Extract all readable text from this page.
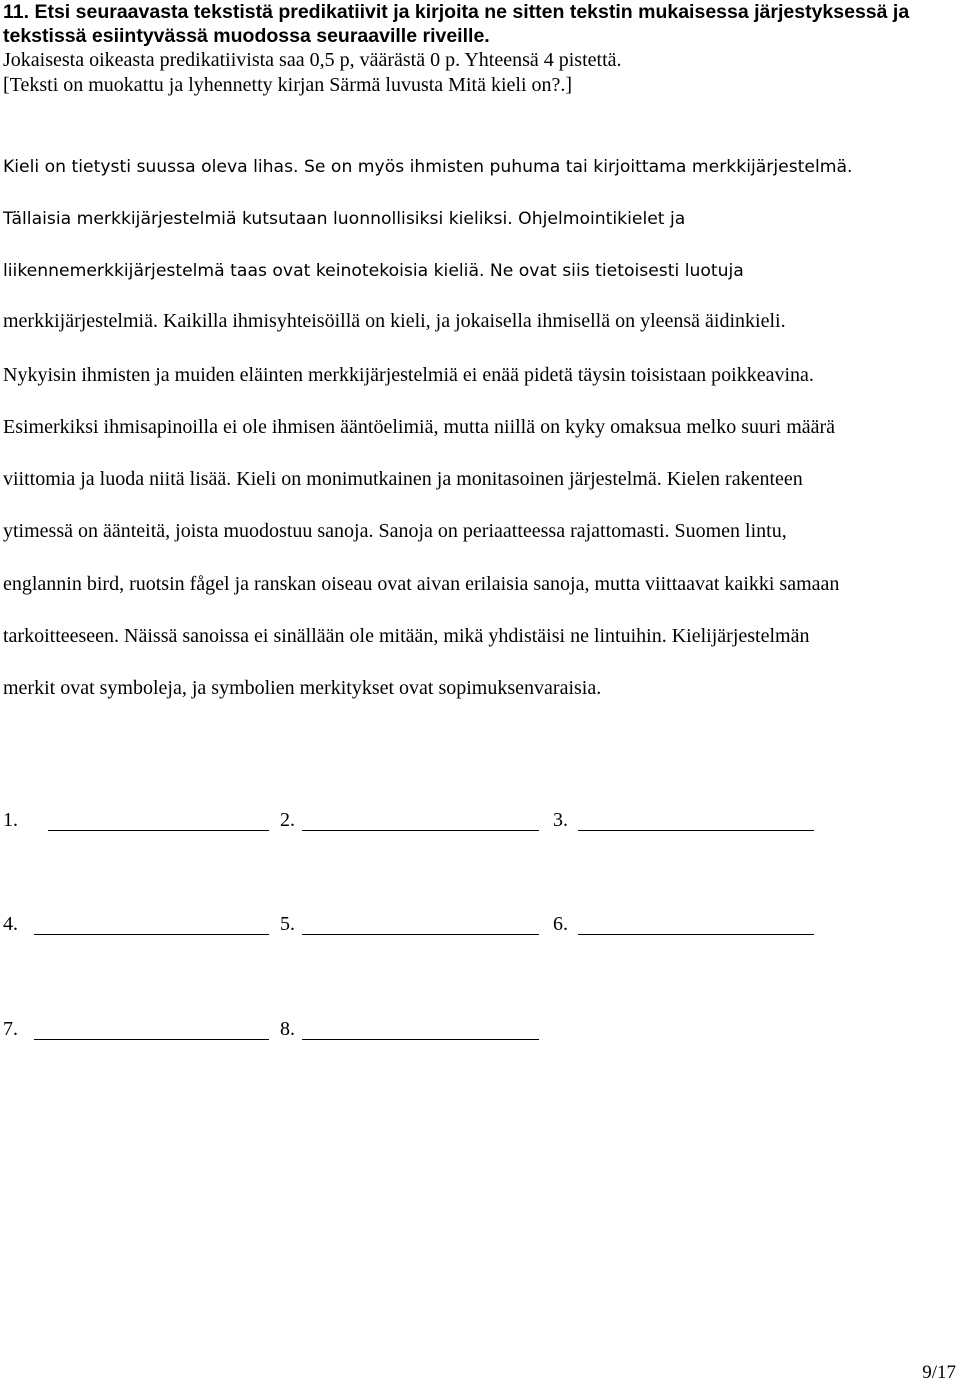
11. Etsi seuraavasta tekstistä predikatiivit ja kirjoita ne sitten tekstin mukaisessa järjestyksessä ja tekstissä esiintyvässä muodossa seuraaville riveille.
Jokaisesta oikeasta predikatiivista saa 0,5 p, väärästä 0 p. Yhteensä 4 pistettä.
[Teksti on muokattu ja lyhennetty kirjan Särmä luvusta Mitä kieli on?.]
Kieli on tietysti suussa oleva lihas. Se on myös ihmisten puhuma tai kirjoittama merkkijärjestelmä.
Tällaisia merkkijärjestelmiä kutsutaan luonnollisiksi kieliksi. Ohjelmointikielet ja
liikennemerkkijärjestelmä taas ovat keinotekoisia kieliä. Ne ovat siis tietoisesti luotuja
merkkijärjestelmiä. Kaikilla ihmisyhteisöillä on kieli, ja jokaisella ihmisellä on yleensä äidinkieli.
Nykyisin ihmisten ja muiden eläinten merkkijärjestelmiä ei enää pidetä täysin toisistaan poikkeavina.
Esimerkiksi ihmisapinoilla ei ole ihmisen ääntöelimiä, mutta niillä on kyky omaksua melko suuri määrä
viittomia ja luoda niitä lisää. Kieli on monimutkainen ja monitasoinen järjestelmä. Kielen rakenteen
ytimessä on äänteitä, joista muodostuu sanoja. Sanoja on periaatteessa rajattomasti. Suomen lintu,
englannin bird, ruotsin fågel ja ranskan oiseau ovat aivan erilaisia sanoja, mutta viittaavat kaikki samaan
tarkoitteeseen. Näissä sanoissa ei sinällään ole mitään, mikä yhdistäisi ne lintuihin. Kielijärjestelmän
merkit ovat symboleja, ja symbolien merkitykset ovat sopimuksenvaraisia.
1.	2.	3.
4.	5.	6.
7.	8.
9/17
